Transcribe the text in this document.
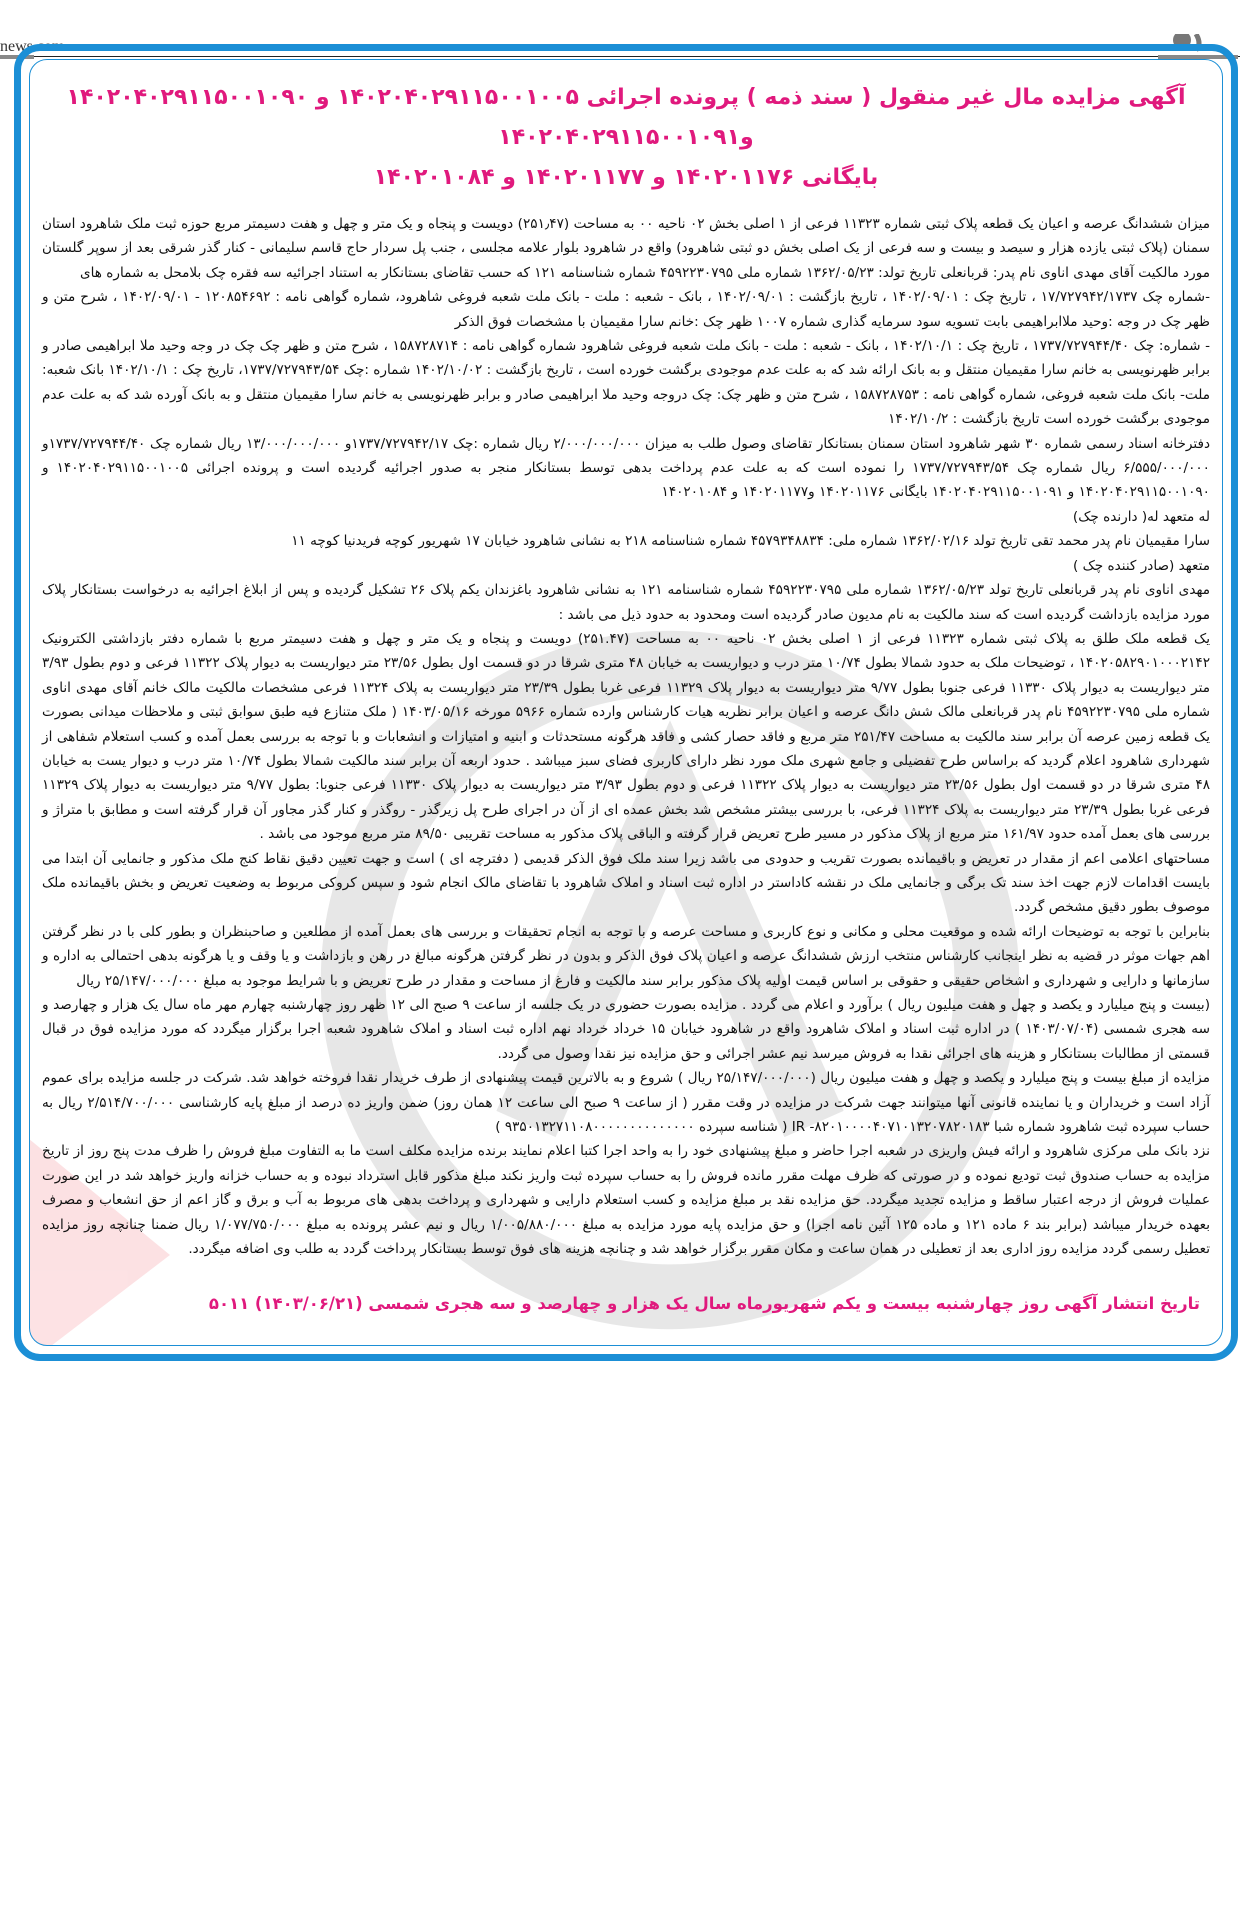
news.com
آگهی مزایده مال غیر منقول ( سند ذمه ) پرونده اجرائی ۱۴۰۲۰۴۰۲۹۱۱۵۰۰۱۰۰۵ و ۱۴۰۲۰۴۰۲۹۱۱۵۰۰۱۰۹۰ و۱۴۰۲۰۴۰۲۹۱۱۵۰۰۱۰۹۱
بایگانی ۱۴۰۲۰۱۱۷۶ و ۱۴۰۲۰۱۱۷۷ و ۱۴۰۲۰۱۰۸۴

میزان ششدانگ عرصه و اعیان یک قطعه پلاک ثبتی شماره ۱۱۳۲۳ فرعی از ۱ اصلی بخش ۰۲ ناحیه ۰۰ به مساحت (۲۵۱٫۴۷) دویست و پنجاه و یک متر و چهل و هفت دسیمتر مربع حوزه ثبت ملک شاهرود استان سمنان (پلاک ثبتی یازده هزار و سیصد و بیست و سه فرعی از یک اصلی بخش دو ثبتی شاهرود) واقع در شاهرود بلوار علامه مجلسی ، جنب پل سردار حاج قاسم سلیمانی - کنار گذر شرقی بعد از سوپر گلستان مورد مالکیت آقای مهدی اناوی نام پدر: قربانعلی تاریخ تولد: ۱۳۶۲/۰۵/۲۳ شماره ملی ۴۵۹۲۲۳۰۷۹۵ شماره شناسنامه ۱۲۱ که حسب تقاضای بستانکار به استناد اجرائیه سه فقره چک بلامحل به شماره های

-شماره چک ۱۷/۷۲۷۹۴۲/۱۷۳۷ ، تاریخ چک : ۱۴۰۲/۰۹/۰۱ ، تاریخ بازگشت : ۱۴۰۲/۰۹/۰۱ ، بانک - شعبه : ملت - بانک ملت شعبه فروغی شاهرود، شماره گواهی نامه : ۱۲۰۸۵۴۶۹۲ - ۱۴۰۲/۰۹/۰۱ ، شرح متن و ظهر چک در وجه :وحید ملاابراهیمی بابت تسویه سود سرمایه گذاری شماره ۱۰۰۷ ظهر چک :خانم سارا مقیمیان با مشخصات فوق الذکر

- شماره: چک ۱۷۳۷/۷۲۷۹۴۴/۴۰ ، تاریخ چک : ۱۴۰۲/۱۰/۱ ، بانک - شعبه : ملت - بانک ملت شعبه فروغی شاهرود شماره گواهی نامه : ۱۵۸۷۲۸۷۱۴ ، شرح متن و ظهر چک چک در وجه وحید ملا ابراهیمی صادر و برابر ظهرنویسی به خانم سارا مقیمیان منتقل و به بانک ارائه شد که به علت عدم موجودی برگشت خورده است ، تاریخ بازگشت : ۱۴۰۲/۱۰/۰۲ شماره :چک ۱۷۳۷/۷۲۷۹۴۳/۵۴، تاریخ چک : ۱۴۰۲/۱۰/۱ بانک شعبه: ملت- بانک ملت شعبه فروغی، شماره گواهی نامه : ۱۵۸۷۲۸۷۵۳ ، شرح متن و ظهر چک: چک دروجه وحید ملا ابراهیمی صادر و برابر ظهرنویسی به خانم سارا مقیمیان منتقل و به بانک آورده شد که به علت عدم موجودی برگشت خورده است تاریخ بازگشت : ۱۴۰۲/۱۰/۲

دفترخانه اسناد رسمی شماره ۳۰ شهر شاهرود استان سمنان بستانکار تقاضای وصول طلب به میزان ۲/۰۰۰/۰۰۰/۰۰۰ ریال شماره :چک ۱۷۳۷/۷۲۷۹۴۲/۱۷و ۱۳/۰۰۰/۰۰۰/۰۰۰ ریال شماره چک ۱۷۳۷/۷۲۷۹۴۴/۴۰و ۶/۵۵۵/۰۰۰/۰۰۰ ریال شماره چک ۱۷۳۷/۷۲۷۹۴۳/۵۴ را نموده است که به علت عدم پرداخت بدهی توسط بستانکار منجر به صدور اجرائیه گردیده است و پرونده اجرائی ۱۴۰۲۰۴۰۲۹۱۱۵۰۰۱۰۰۵ و ۱۴۰۲۰۴۰۲۹۱۱۵۰۰۱۰۹۰ و ۱۴۰۲۰۴۰۲۹۱۱۵۰۰۱۰۹۱ بایگانی ۱۴۰۲۰۱۱۷۶ و۱۴۰۲۰۱۱۷۷ و ۱۴۰۲۰۱۰۸۴

له متعهد له( دارنده چک)

سارا مقیمیان نام پدر محمد تقی تاریخ تولد ۱۳۶۲/۰۲/۱۶ شماره ملی: ۴۵۷۹۳۴۸۸۳۴ شماره شناسنامه ۲۱۸ به نشانی شاهرود خیابان ۱۷ شهریور کوچه فریدنیا کوچه ۱۱

متعهد (صادر کننده چک )

مهدی اناوی نام پدر قربانعلی تاریخ تولد ۱۳۶۲/۰۵/۲۳ شماره ملی ۴۵۹۲۲۳۰۷۹۵ شماره شناسنامه ۱۲۱ به نشانی شاهرود باغزندان یکم پلاک ۲۶ تشکیل گردیده و پس از ابلاغ اجرائیه به درخواست بستانکار پلاک مورد مزایده بازداشت گردیده است که سند مالکیت به نام مدیون صادر گردیده است ومحدود به حدود ذیل می باشد :

یک قطعه ملک طلق به پلاک ثبتی شماره ۱۱۳۲۳ فرعی از ۱ اصلی بخش ۰۲ ناحیه ۰۰ به مساحت (۲۵۱.۴۷) دویست و پنجاه و یک متر و چهل و هفت دسیمتر مربع با شماره دفتر بازداشتی الکترونیک ۱۴۰۲۰۵۸۲۹۰۱۰۰۰۲۱۴۲ ، توضیحات ملک به حدود شمالا بطول ۱۰/۷۴ متر درب و دیواریست به خیابان ۴۸ متری شرقا در دو قسمت اول بطول ۲۳/۵۶ متر دیواریست به دیوار پلاک ۱۱۳۲۲ فرعی و دوم بطول ۳/۹۳ متر دیواریست به دیوار پلاک ۱۱۳۳۰ فرعی جنوبا بطول ۹/۷۷ متر دیواریست به دیوار پلاک ۱۱۳۲۹ فرعی غربا بطول ۲۳/۳۹ متر دیواریست به پلاک ۱۱۳۲۴ فرعی مشخصات مالکیت مالک خانم آقای مهدی اناوی شماره ملی ۴۵۹۲۲۳۰۷۹۵ نام پدر قربانعلی مالک شش دانگ عرصه و اعیان برابر نظریه هیات کارشناس وارده شماره ۵۹۶۶ مورخه ۱۴۰۳/۰۵/۱۶ ( ملک متنازع فیه طبق سوابق ثبتی و ملاحظات میدانی بصورت یک قطعه زمین عرصه آن برابر سند مالکیت به مساحت ۲۵۱/۴۷ متر مربع و فاقد حصار کشی و فاقد هرگونه مستحدثات و ابنیه و امتیازات و انشعابات و با توجه به بررسی بعمل آمده و کسب استعلام شفاهی از شهرداری شاهرود اعلام گردید که براساس طرح تفضیلی و جامع شهری ملک مورد نظر دارای کاربری فضای سبز میباشد . حدود اربعه آن برابر سند مالکیت شمالا بطول ۱۰/۷۴ متر درب و دیوار یست به خیابان ۴۸ متری شرقا در دو قسمت اول بطول ۲۳/۵۶ متر دیواریست به دیوار پلاک ۱۱۳۲۲ فرعی و دوم بطول ۳/۹۳ متر دیواریست به دیوار پلاک ۱۱۳۳۰ فرعی جنوبا: بطول ۹/۷۷ متر دیواریست به دیوار پلاک ۱۱۳۲۹ فرعی غربا بطول ۲۳/۳۹ متر دیواریست به پلاک ۱۱۳۲۴ فرعی، با بررسی بیشتر مشخص شد بخش عمده ای از آن در اجرای طرح پل زیرگذر - روگذر و کنار گذر مجاور آن قرار گرفته است و مطابق با متراژ و بررسی های بعمل آمده حدود ۱۶۱/۹۷ متر مربع از پلاک مذکور در مسیر طرح تعریض قرار گرفته و الباقی پلاک مذکور به مساحت تقریبی ۸۹/۵۰ متر مربع موجود می باشد .

مساحتهای اعلامی اعم از مقدار در تعریض و باقیمانده بصورت تقریب و حدودی می باشد زیرا سند ملک فوق الذکر قدیمی ( دفترچه ای ) است و جهت تعیین دقیق نقاط کنج ملک مذکور و جانمایی آن ابتدا می بایست اقدامات لازم جهت اخذ سند تک برگی و جانمایی ملک در نقشه کاداستر در اداره ثبت اسناد و املاک شاهرود با تقاضای مالک انجام شود و سپس کروکی مربوط به وضعیت تعریض و بخش باقیمانده ملک موصوف بطور دقیق مشخص گردد.

بنابراین با توجه به توضیحات ارائه شده و موقعیت محلی و مکانی و نوع کاربری و مساحت عرصه و با توجه به انجام تحقیقات و بررسی های بعمل آمده از مطلعین و صاحبنظران و بطور کلی با در نظر گرفتن اهم جهات موثر در قضیه به نظر اینجانب کارشناس منتخب ارزش ششدانگ عرصه و اعیان پلاک فوق الذکر و بدون در نظر گرفتن هرگونه مبالغ در رهن و بازداشت و یا وقف و یا هرگونه بدهی احتمالی به اداره و سازمانها و دارایی و شهرداری و اشخاص حقیقی و حقوقی بر اساس قیمت اولیه پلاک مذکور برابر سند مالکیت و فارغ از مساحت و مقدار در طرح تعریض و با شرایط موجود به مبلغ ۲۵/۱۴۷/۰۰۰/۰۰۰ ریال

(بیست و پنج میلیارد و یکصد و چهل و هفت میلیون ریال ) برآورد و اعلام می گردد . مزایده بصورت حضوری در یک جلسه از ساعت ۹ صبح الی ۱۲ ظهر روز چهارشنبه چهارم مهر ماه سال یک هزار و چهارصد و سه هجری شمسی (۱۴۰۳/۰۷/۰۴ ) در اداره ثبت اسناد و املاک شاهرود واقع در شاهرود خیابان ۱۵ خرداد خرداد نهم اداره ثبت اسناد و املاک شاهرود شعبه اجرا برگزار میگردد که مورد مزایده فوق در قبال قسمتی از مطالبات بستانکار و هزینه های اجرائی نقدا به فروش میرسد نیم عشر اجرائی و حق مزایده نیز نقدا وصول می گردد.

مزایده از مبلغ بیست و پنج میلیارد و یکصد و چهل و هفت میلیون ریال (۲۵/۱۴۷/۰۰۰/۰۰۰ ریال ) شروع و به بالاترین قیمت پیشنهادی از طرف خریدار نقدا فروخته خواهد شد. شرکت در جلسه مزایده برای عموم آزاد است و خریداران و یا نماینده قانونی آنها میتوانند جهت شرکت در مزایده در وقت مقرر ( از ساعت ۹ صبح الی ساعت ۱۲ همان روز) ضمن واریز ده درصد از مبلغ پایه کارشناسی ۲/۵۱۴/۷۰۰/۰۰۰ ریال به حساب سپرده ثبت شاهرود شماره شبا IR -۸۲۰۱۰۰۰۰۴۰۷۱۰۱۳۲۰۷۸۲۰۱۸۳ ( شناسه سپرده ۹۳۵۰۱۳۲۷۱۱۰۸۰۰۰۰۰۰۰۰۰۰۰۰۰۰ )

نزد بانک ملی مرکزی شاهرود و ارائه فیش واریزی در شعبه اجرا حاضر و مبلغ پیشنهادی خود را به واحد اجرا کتبا اعلام نمایند برنده مزایده مکلف است ما به التفاوت مبلغ فروش را ظرف مدت پنج روز از تاریخ مزایده به حساب صندوق ثبت تودیع نموده و در صورتی که ظرف مهلت مقرر مانده فروش را به حساب سپرده ثبت واریز نکند مبلغ مذکور قابل استرداد نبوده و به حساب خزانه واریز خواهد شد در این صورت عملیات فروش از درجه اعتبار ساقط و مزایده تجدید میگردد. حق مزایده نقد بر مبلغ مزایده و کسب استعلام دارایی و شهرداری و پرداخت بدهی های مربوط به آب و برق و گاز اعم از حق انشعاب و مصرف بعهده خریدار میباشد (برابر بند ۶ ماده ۱۲۱ و ماده ۱۲۵ آئین نامه اجرا) و حق مزایده پایه مورد مزایده به مبلغ ۱/۰۰۵/۸۸۰/۰۰۰ ریال و نیم عشر پرونده به مبلغ ۱/۰۷۷/۷۵۰/۰۰۰ ریال ضمنا چنانچه روز مزایده تعطیل رسمی گردد مزایده روز اداری بعد از تعطیلی در همان ساعت و مکان مقرر برگزار خواهد شد و چنانچه هزینه های فوق توسط بستانکار پرداخت گردد به طلب وی اضافه میگردد.

تاریخ انتشار آگهی روز چهارشنبه بیست و یکم شهریورماه سال یک هزار و چهارصد و سه هجری شمسی (۱۴۰۳/۰۶/۲۱) ۵۰۱۱
